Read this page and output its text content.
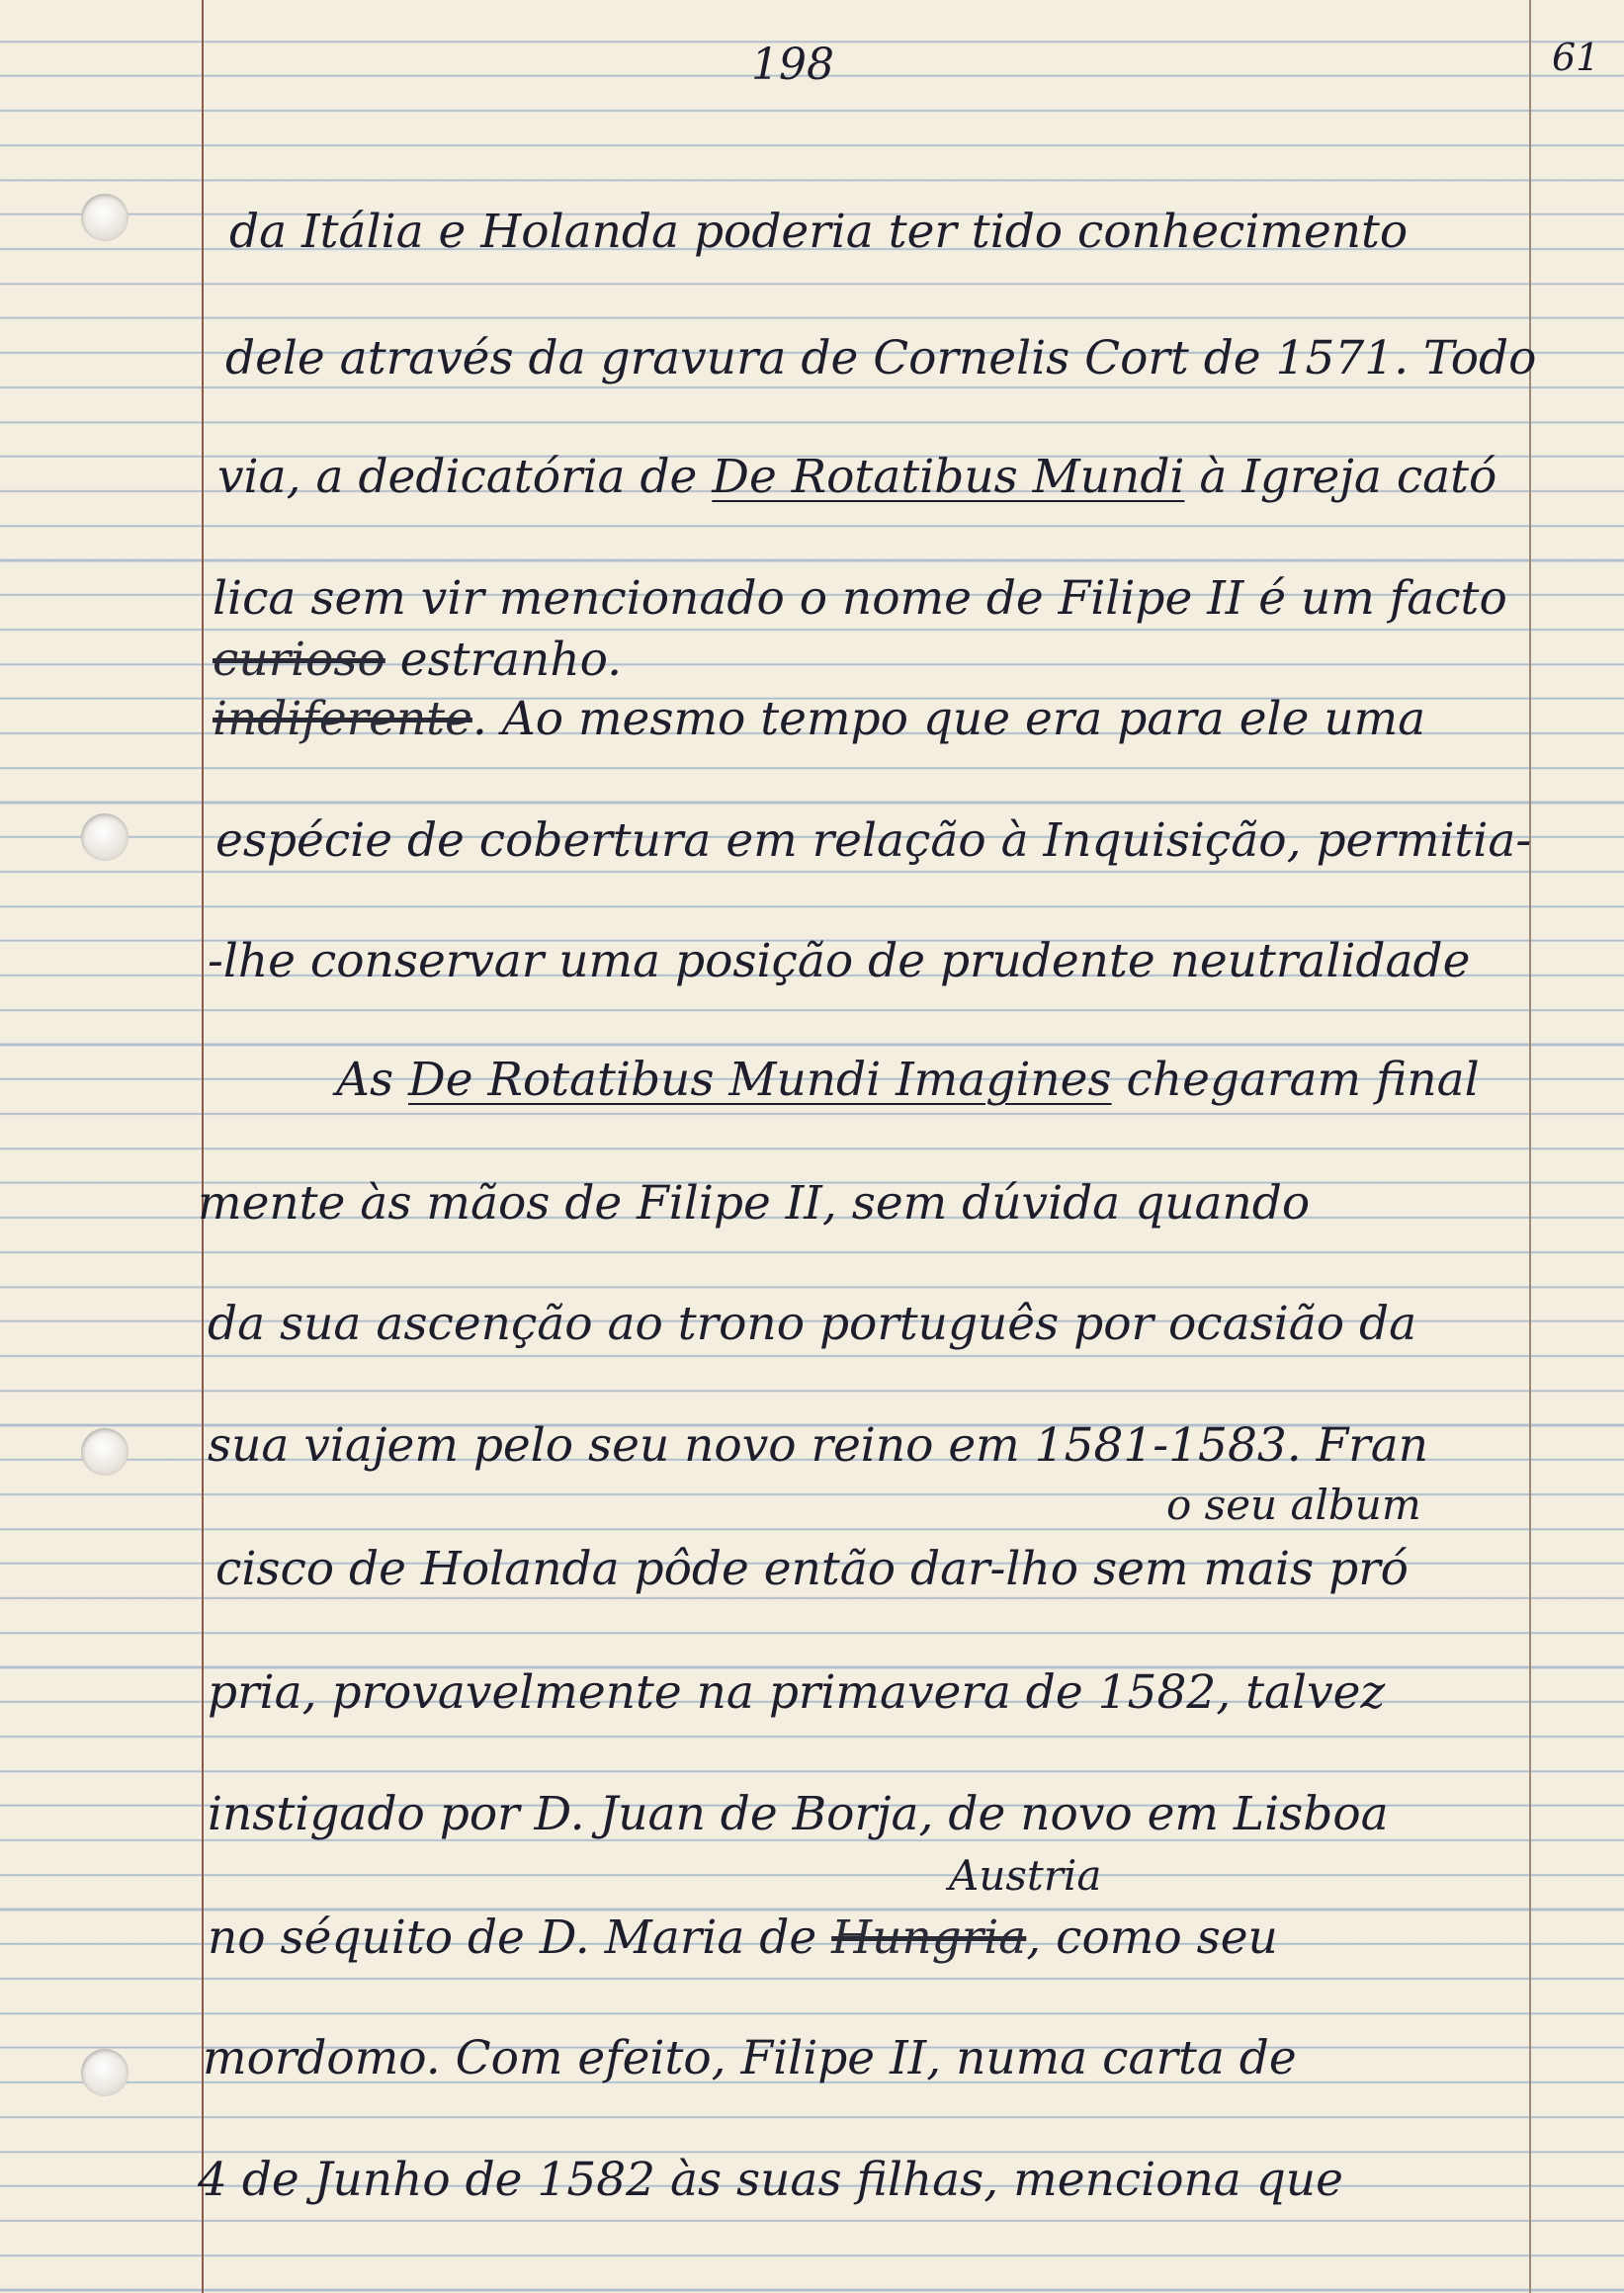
198	61
da Itália e Holanda poderia ter tido conhecimento
dele através da gravura de Cornelis Cort de 1571. Todo
via, a dedicatória de De Rotatibus Mundi à Igreja cató
lica sem vir mencionado o nome de Filipe II é um facto
curioso estranho.
indiferente. Ao mesmo tempo que era para ele uma
espécie de cobertura em relação à Inquisição, permitia-
-lhe conservar uma posição de prudente neutralidade
As De Rotatibus Mundi Imagines chegaram final
mente às mãos de Filipe II, sem dúvida quando
da sua ascenção ao trono português por ocasião da
sua viajem pelo seu novo reino em 1581-1583. Fran
o seu album
cisco de Holanda pôde então dar-lho sem mais pró
pria, provavelmente na primavera de 1582, talvez
instigado por D. Juan de Borja, de novo em Lisboa
Austria
no séquito de D. Maria de Hungria, como seu
mordomo. Com efeito, Filipe II, numa carta de
4 de Junho de 1582 às suas filhas, menciona que
